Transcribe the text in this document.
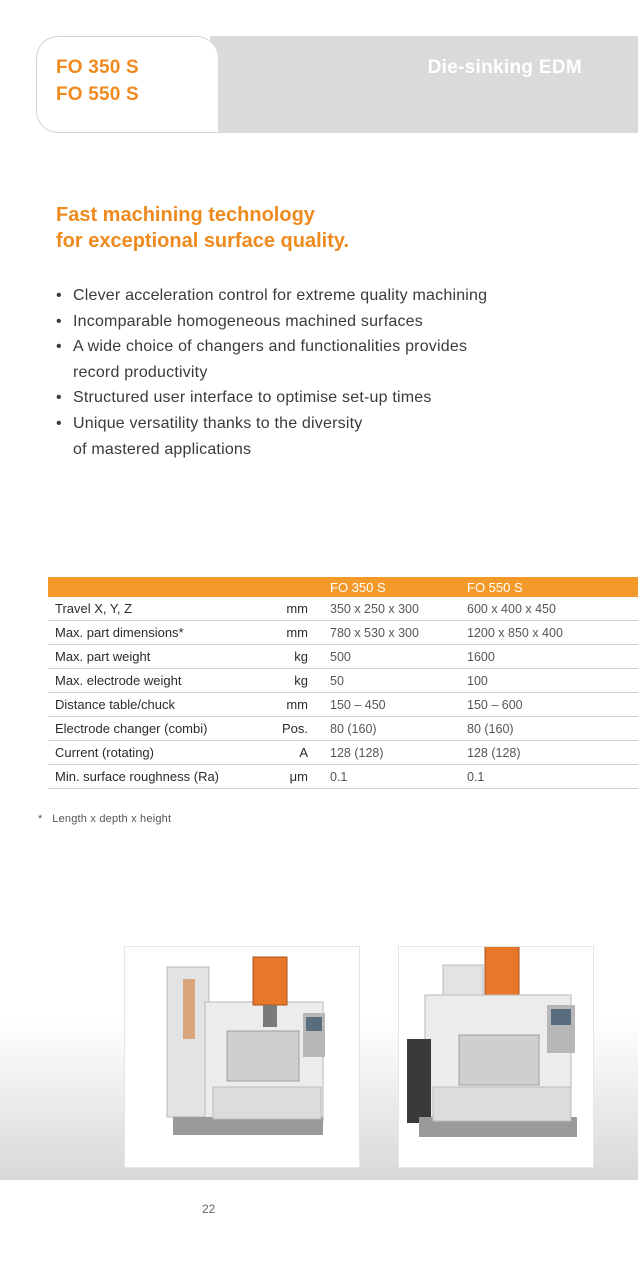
FO 350 S
FO 550 S
Die-sinking EDM
Fast machining technology
for exceptional surface quality.
• Clever acceleration control for extreme quality machining
• Incomparable homogeneous machined surfaces
• A wide choice of changers and functionalities provides
record productivity
• Structured user interface to optimise set-up times
• Unique versatility thanks to the diversity
of mastered applications
		FO 350 S	FO 550 S
Travel X, Y, Z	mm	350 x 250 x 300	600 x 400 x 450
Max. part dimensions*	mm	780 x 530 x 300	1200 x 850 x 400
Max. part weight	kg	500	1600
Max. electrode weight	kg	50	100
Distance table/chuck	mm	150 – 450	150 – 600
Electrode changer (combi)	Pos.	80 (160)	80 (160)
Current (rotating)	A	128 (128)	128 (128)
Min. surface roughness (Ra)	μm	0.1	0.1
* Length x depth x height
22
